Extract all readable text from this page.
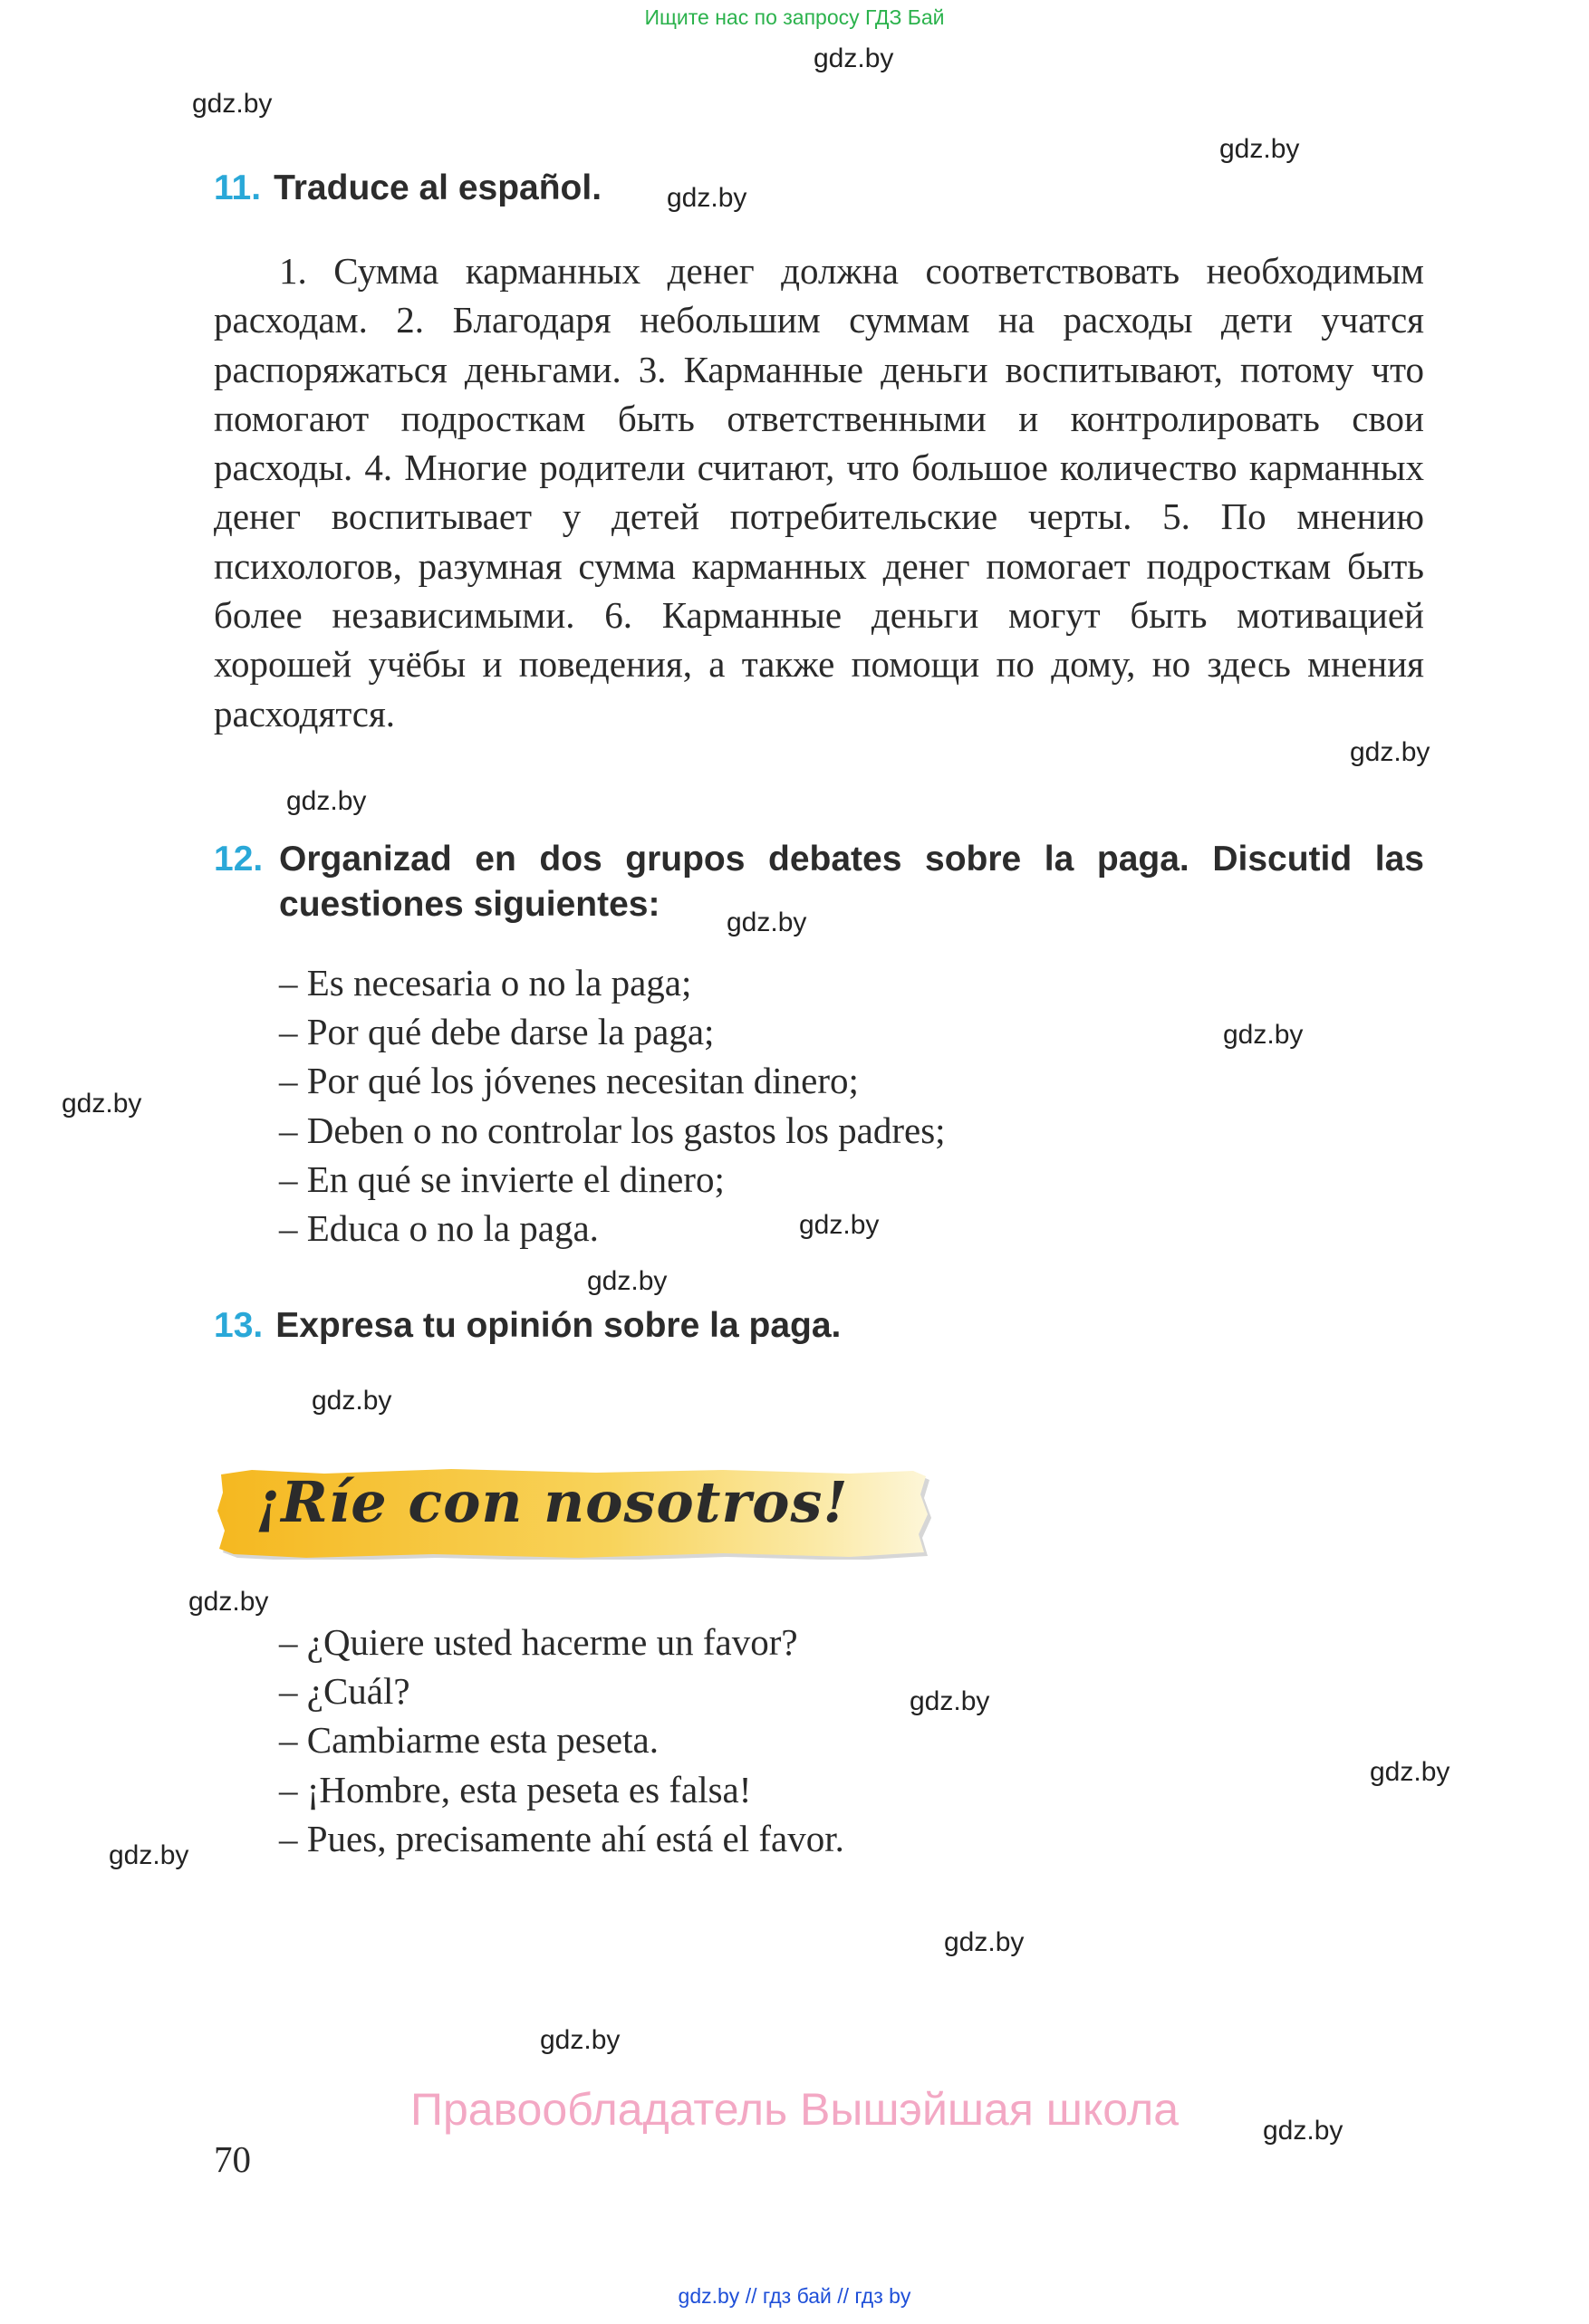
Ищите нас по запросу ГДЗ Бай
gdz.by
gdz.by
gdz.by
gdz.by
gdz.by
gdz.by
gdz.by
gdz.by
gdz.by
gdz.by
gdz.by
gdz.by
gdz.by
gdz.by
gdz.by
gdz.by
gdz.by
gdz.by
gdz.by
11. Traduce al español.
1. Сумма карманных денег должна соответствовать необходимым расходам. 2. Благодаря небольшим суммам на расходы дети учатся распоряжаться деньгами. 3. Карманные деньги воспитывают, потому что помогают подросткам быть ответственными и контролировать свои расходы. 4. Многие родители считают, что большое количество карманных денег воспитывает у детей потребительские черты. 5. По мнению психологов, разумная сумма карманных денег помогает подросткам быть более независимыми. 6. Карманные деньги могут быть мотивацией хорошей учёбы и поведения, а также помощи по дому, но здесь мнения расходятся.
12. Organizad en dos grupos debates sobre la paga. Discutid las cuestiones siguientes:
– Es necesaria o no la paga;
– Por qué debe darse la paga;
– Por qué los jóvenes necesitan dinero;
– Deben o no controlar los gastos los padres;
– En qué se invierte el dinero;
– Educa o no la paga.
13. Expresa tu opinión sobre la paga.
¡Ríe con nosotros!
– ¿Quiere usted hacerme un favor?
– ¿Cuál?
– Cambiarme esta peseta.
– ¡Hombre, esta peseta es falsa!
– Pues, precisamente ahí está el favor.
Правообладатель Вышэйшая школа
70
gdz.by // гдз бай // гдз by
